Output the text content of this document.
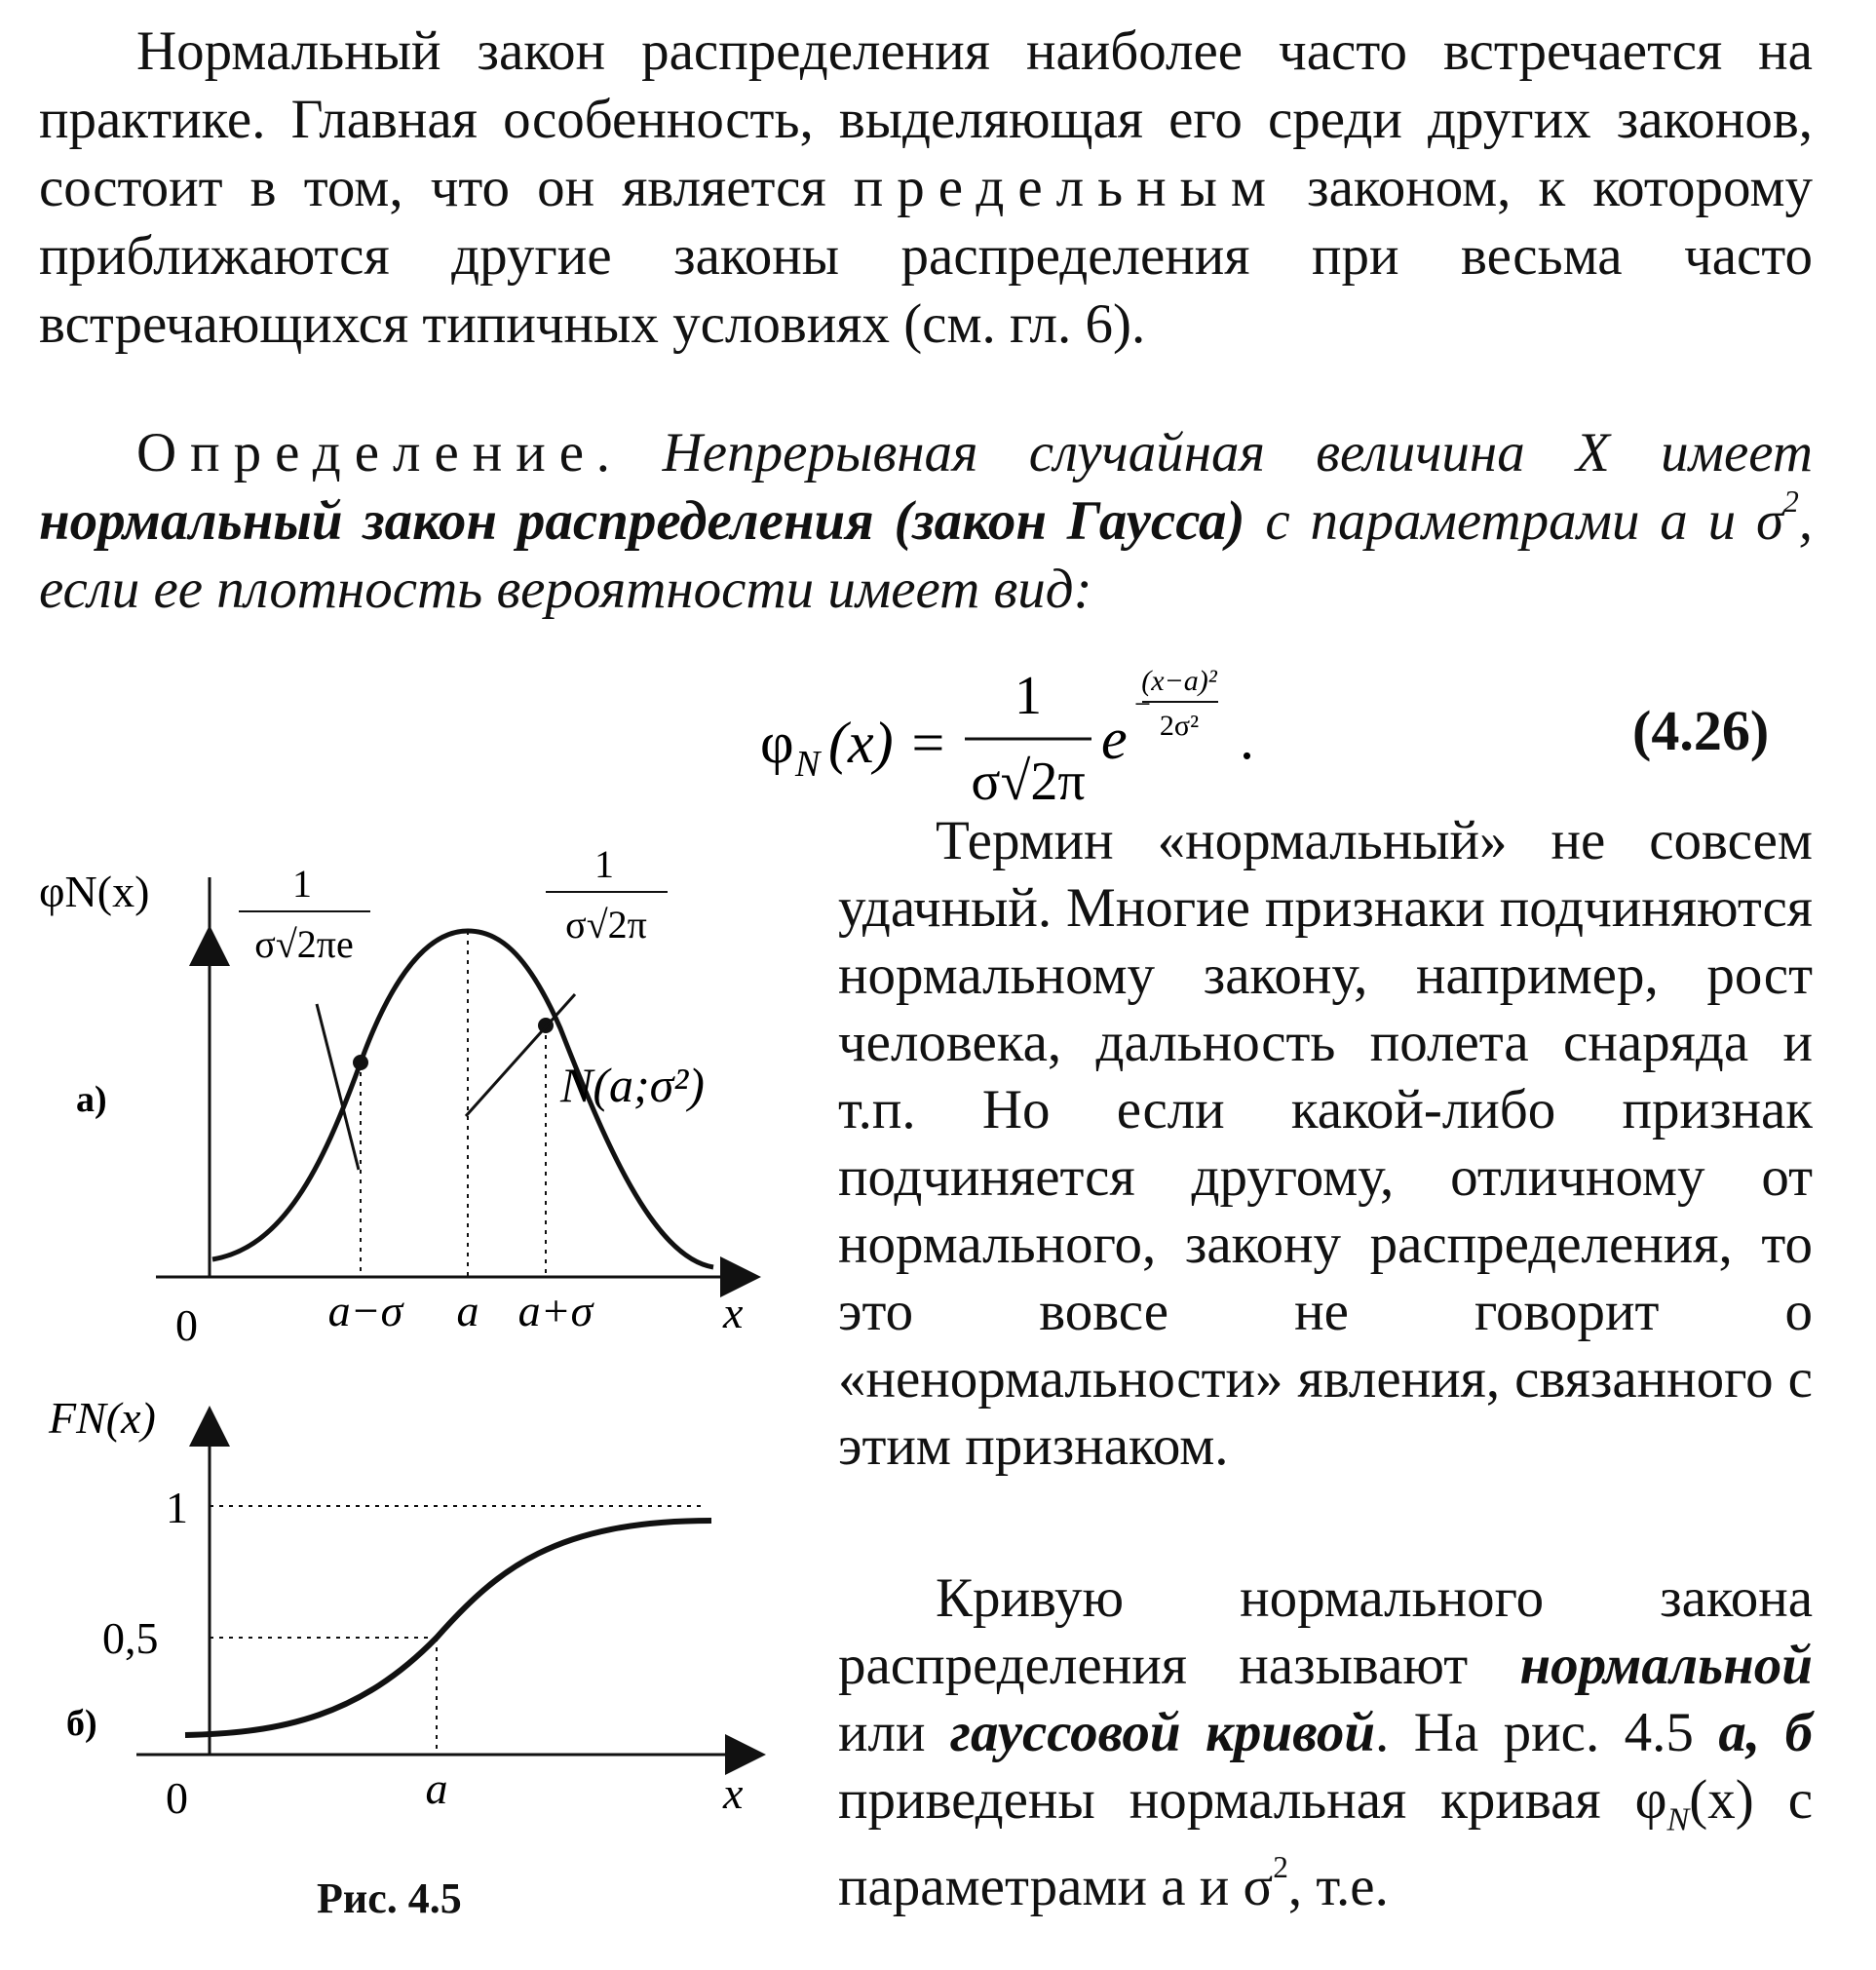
Нормальный закон распределения наиболее часто встречается на практике. Главная особенность, выделяющая его среди других законов, состоит в том, что он является предельным законом, к которому приближаются другие законы распределения при весьма часто встречающихся типичных условиях (см. гл. 6).

Определение. Непрерывная случайная величина X имеет нормальный закон распределения (закон Гаусса) с параметрами a и $\sigma^2$, если ее плотность вероятности имеет вид:

φ N (x) =
1
σ√2π
e
−
(x−a)²
2σ² .	(4.26)

Термин «нормальный» не совсем удачный. Многие признаки подчиняются нормальному закону, например, рост человека, дальность полета снаряда и т.п. Но если какой-либо признак подчиняется другому, отличному от нормального, закону распределения, то это вовсе не говорит о «ненормальности» явления, связанного с этим признаком.

Кривую нормального закона распределения называют нормальной или гауссовой кривой. На рис. 4.5 а, б приведены нормальная кривая $\varphi_N(x)$ с параметрами a и $\sigma^2$, т.е.

φN(x)	1
σ√2πe
1
σ√2π
N(a;σ²)
а)
0	a−σ a a+σ	x
FN(x)
1
0,5
б)
0	a	x
Рис. 4.5
